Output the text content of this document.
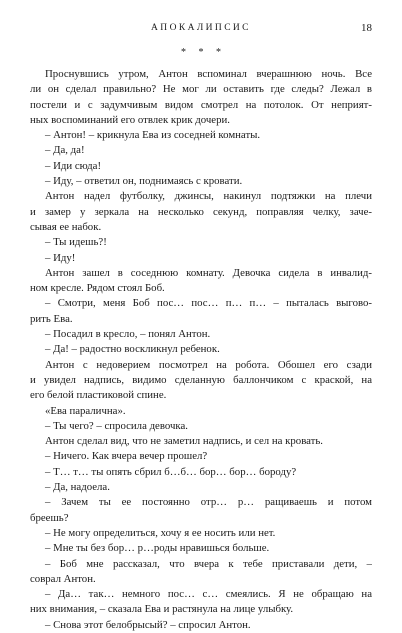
АПОКАЛИПСИС	18
* * *
Проснувшись утром, Антон вспоминал вчерашнюю ночь. Все
ли он сделал правильно? Не мог ли оставить где следы? Лежал в
постели и с задумчивым видом смотрел на потолок. От неприят-
ных воспоминаний его отвлек крик дочери.
– Антон! – крикнула Ева из соседней комнаты.
– Да, да!
– Иди сюда!
– Иду, – ответил он, поднимаясь с кровати.
Антон надел футболку, джинсы, накинул подтяжки на плечи
и замер у зеркала на несколько секунд, поправляя челку, заче-
сывая ее набок.
– Ты идешь?!
– Иду!
Антон зашел в соседнюю комнату. Девочка сидела в инвалид-
ном кресле. Рядом стоял Боб.
– Смотри, меня Боб пос… пос… п… п… – пыталась выгово-
рить Ева.
– Посадил в кресло, – понял Антон.
– Да! – радостно воскликнул ребенок.
Антон с недоверием посмотрел на робота. Обошел его сзади
и увидел надпись, видимо сделанную баллончиком с краской, на
его белой пластиковой спине.
«Ева паралична».
– Ты чего? – спросила девочка.
Антон сделал вид, что не заметил надпись, и сел на кровать.
– Ничего. Как вчера вечер прошел?
– Т… т… ты опять сбрил б…б… бор… бор… бороду?
– Да, надоела.
– Зачем ты ее постоянно отр… р… ращиваешь и потом
бреешь?
– Не могу определиться, хочу я ее носить или нет.
– Мне ты без бор… р…роды нравишься больше.
– Боб мне рассказал, что вчера к тебе приставали дети, –
соврал Антон.
– Да… так… немного пос… с… смеялись. Я не обращаю на
них внимания, – сказала Ева и растянула на лице улыбку.
– Снова этот белобрысый? – спросил Антон.
